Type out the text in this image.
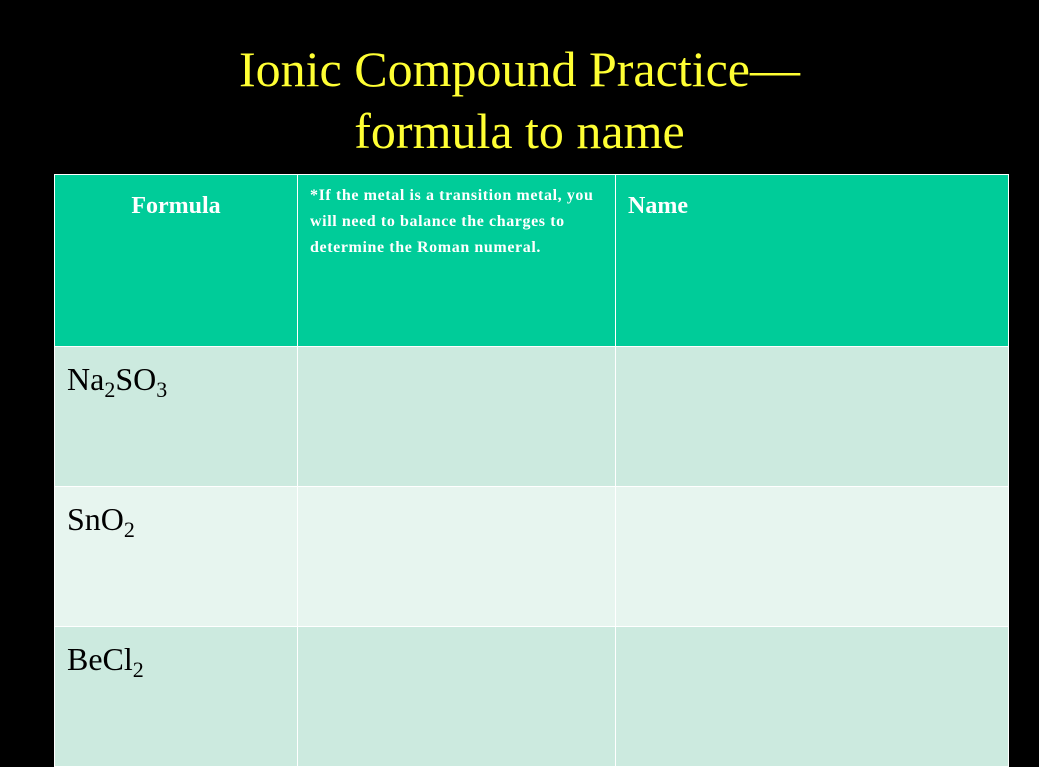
Ionic Compound Practice—
formula to name
Formula	*If the metal is a transition metal, you will need to balance the charges to determine the Roman numeral.	Name
$Na_2SO_3$		
SnO$_2$		
BeCl$_2$		
